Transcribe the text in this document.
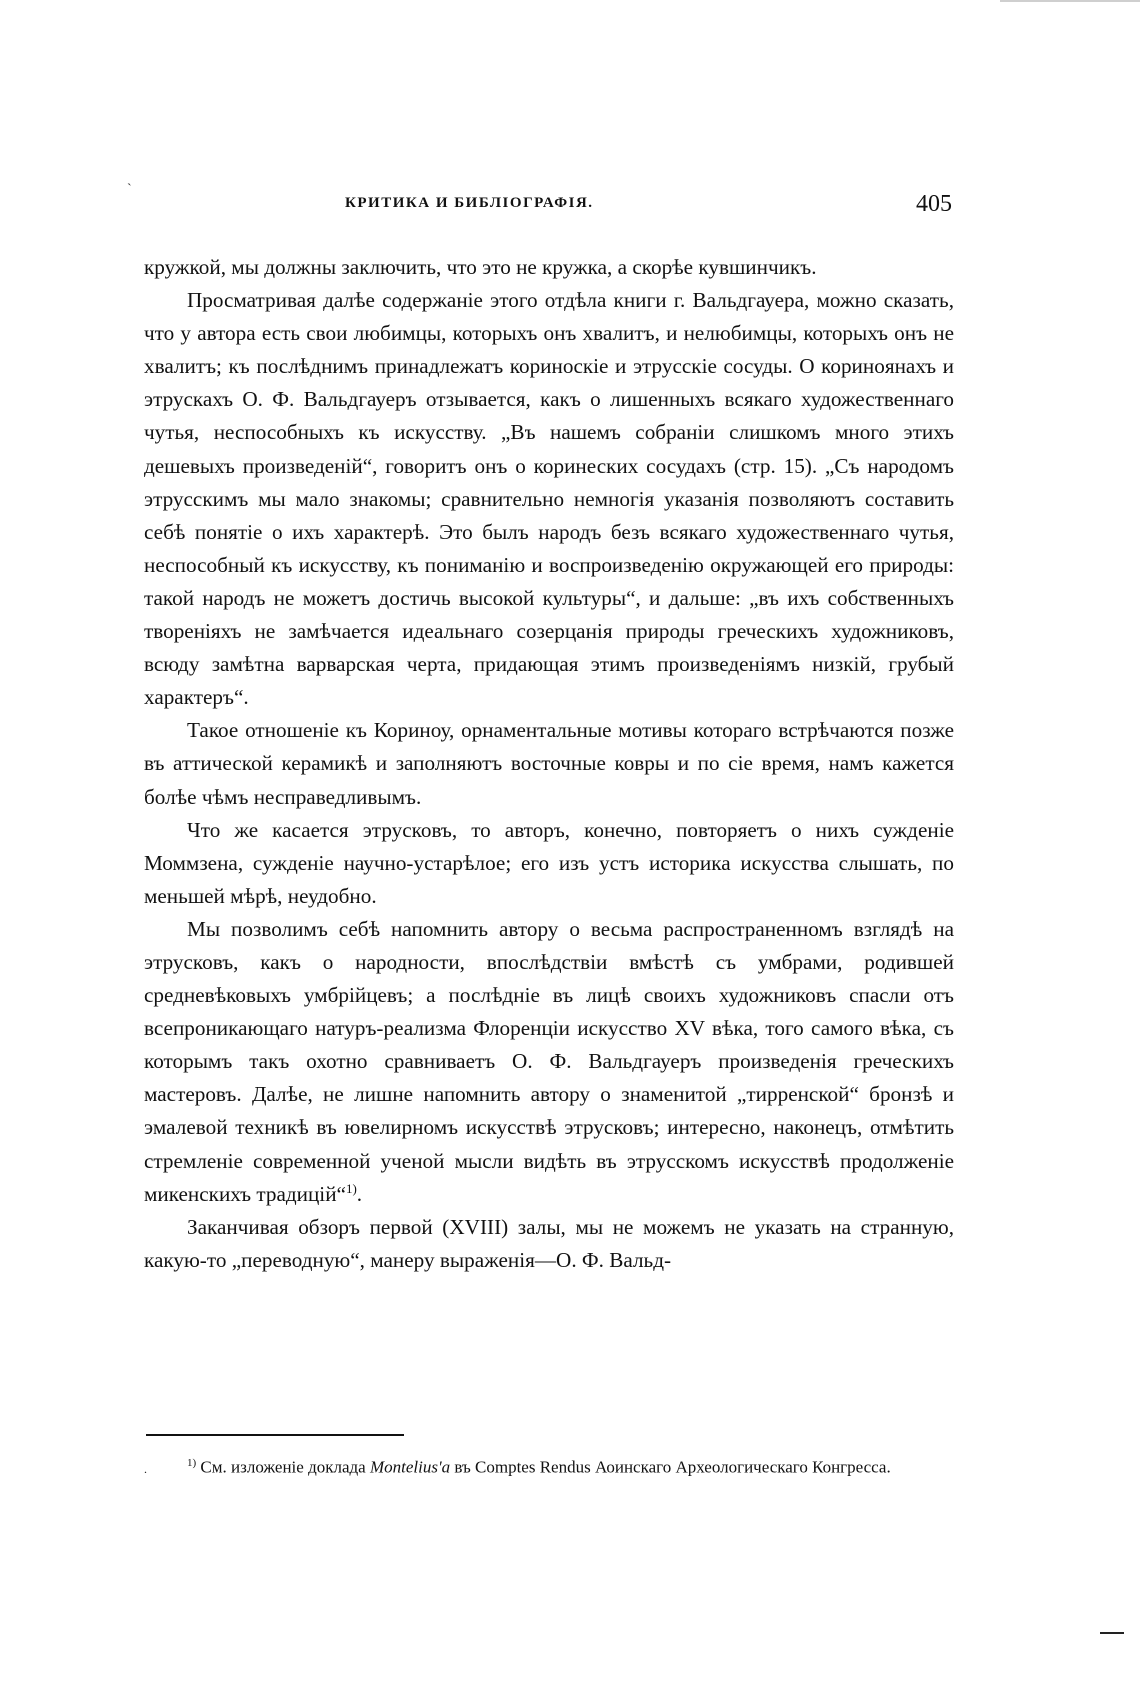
ˋ
КРИТИКА И БИБЛIОГРАФIЯ.	405

кружкой, мы должны заключить, что это не кружка, а скорѣе кувшинчикъ.

Просматривая далѣе содержанiе этого отдѣла книги г. Вальдгауера, можно сказать, что у автора есть свои любимцы, которыхъ онъ хвалитъ, и нелюбимцы, которыхъ онъ не хвалитъ; къ послѣднимъ принадлежатъ коринoскiе и этрусскiе сосуды. О коринoянахъ и этрускахъ О. Ф. Вальдгауеръ отзывается, какъ о лишенныхъ всякаго художественнаго чутья, неспособныхъ къ искусству. „Въ нашемъ собранiи слишкомъ много этихъ дешевыхъ произведенiй“, говоритъ онъ о коринеских сосудахъ (стр. 15). „Съ народомъ этрусскимъ мы мало знакомы; сравнительно немногiя указанiя позволяютъ составить себѣ понятiе о ихъ характерѣ. Это былъ народъ безъ всякаго художественнаго чутья, неспособный къ искусству, къ пониманiю и воспроизведенiю окружающей его природы: такой народъ не можетъ достичь высокой культуры“, и дальше: „въ ихъ собственныхъ творенiяхъ не замѣчается идеальнаго созерцанiя природы греческихъ художниковъ, всюду замѣтна варварская черта, придающая этимъ произведенiямъ низкiй, грубый характеръ“.

Такое отношенiе къ Кориноу, орнаментальные мотивы котораго встрѣчаются позже въ аттической керамикѣ и заполняютъ восточные ковры и по сiе время, намъ кажется болѣе чѣмъ несправедливымъ.

Что же касается этрусковъ, то авторъ, конечно, повторяетъ о нихъ сужденiе Моммзена, сужденiе научно-устарѣлое; его изъ устъ историка искусства слышать, по меньшей мѣрѣ, неудобно.

Мы позволимъ себѣ напомнить автору о весьма распространенномъ взглядѣ на этрусковъ, какъ о народности, впослѣдствiи вмѣстѣ съ умбрами, родившей средневѣковыхъ умбрiйцевъ; а послѣднiе въ лицѣ своихъ художниковъ спасли отъ всепроникающаго натуръ-реализма Флоренцiи искусство XV вѣка, того самого вѣка, съ которымъ такъ охотно сравниваетъ О. Ф. Вальдгауеръ произведенiя греческихъ мастеровъ. Далѣе, не лишне напомнить автору о знаменитой „тирренской“ бронзѣ и эмалевой техникѣ въ ювелирномъ искусствѣ этрусковъ; интересно, наконецъ, отмѣтить стремленiе современной ученой мысли видѣть въ этрусскомъ искусствѣ продолженiе микенскихъ традицiй“$^{1)}$.

Заканчивая обзоръ первой (XVIII) залы, мы не можемъ не указать на странную, какую-то „переводную“, манеру выраженiя—О. Ф. Вальд-

.	$^{1)}$ См. изложенiе доклада Montelius'a въ Comptes Rendus Аоинскаго Археологическаго Конгресса.
